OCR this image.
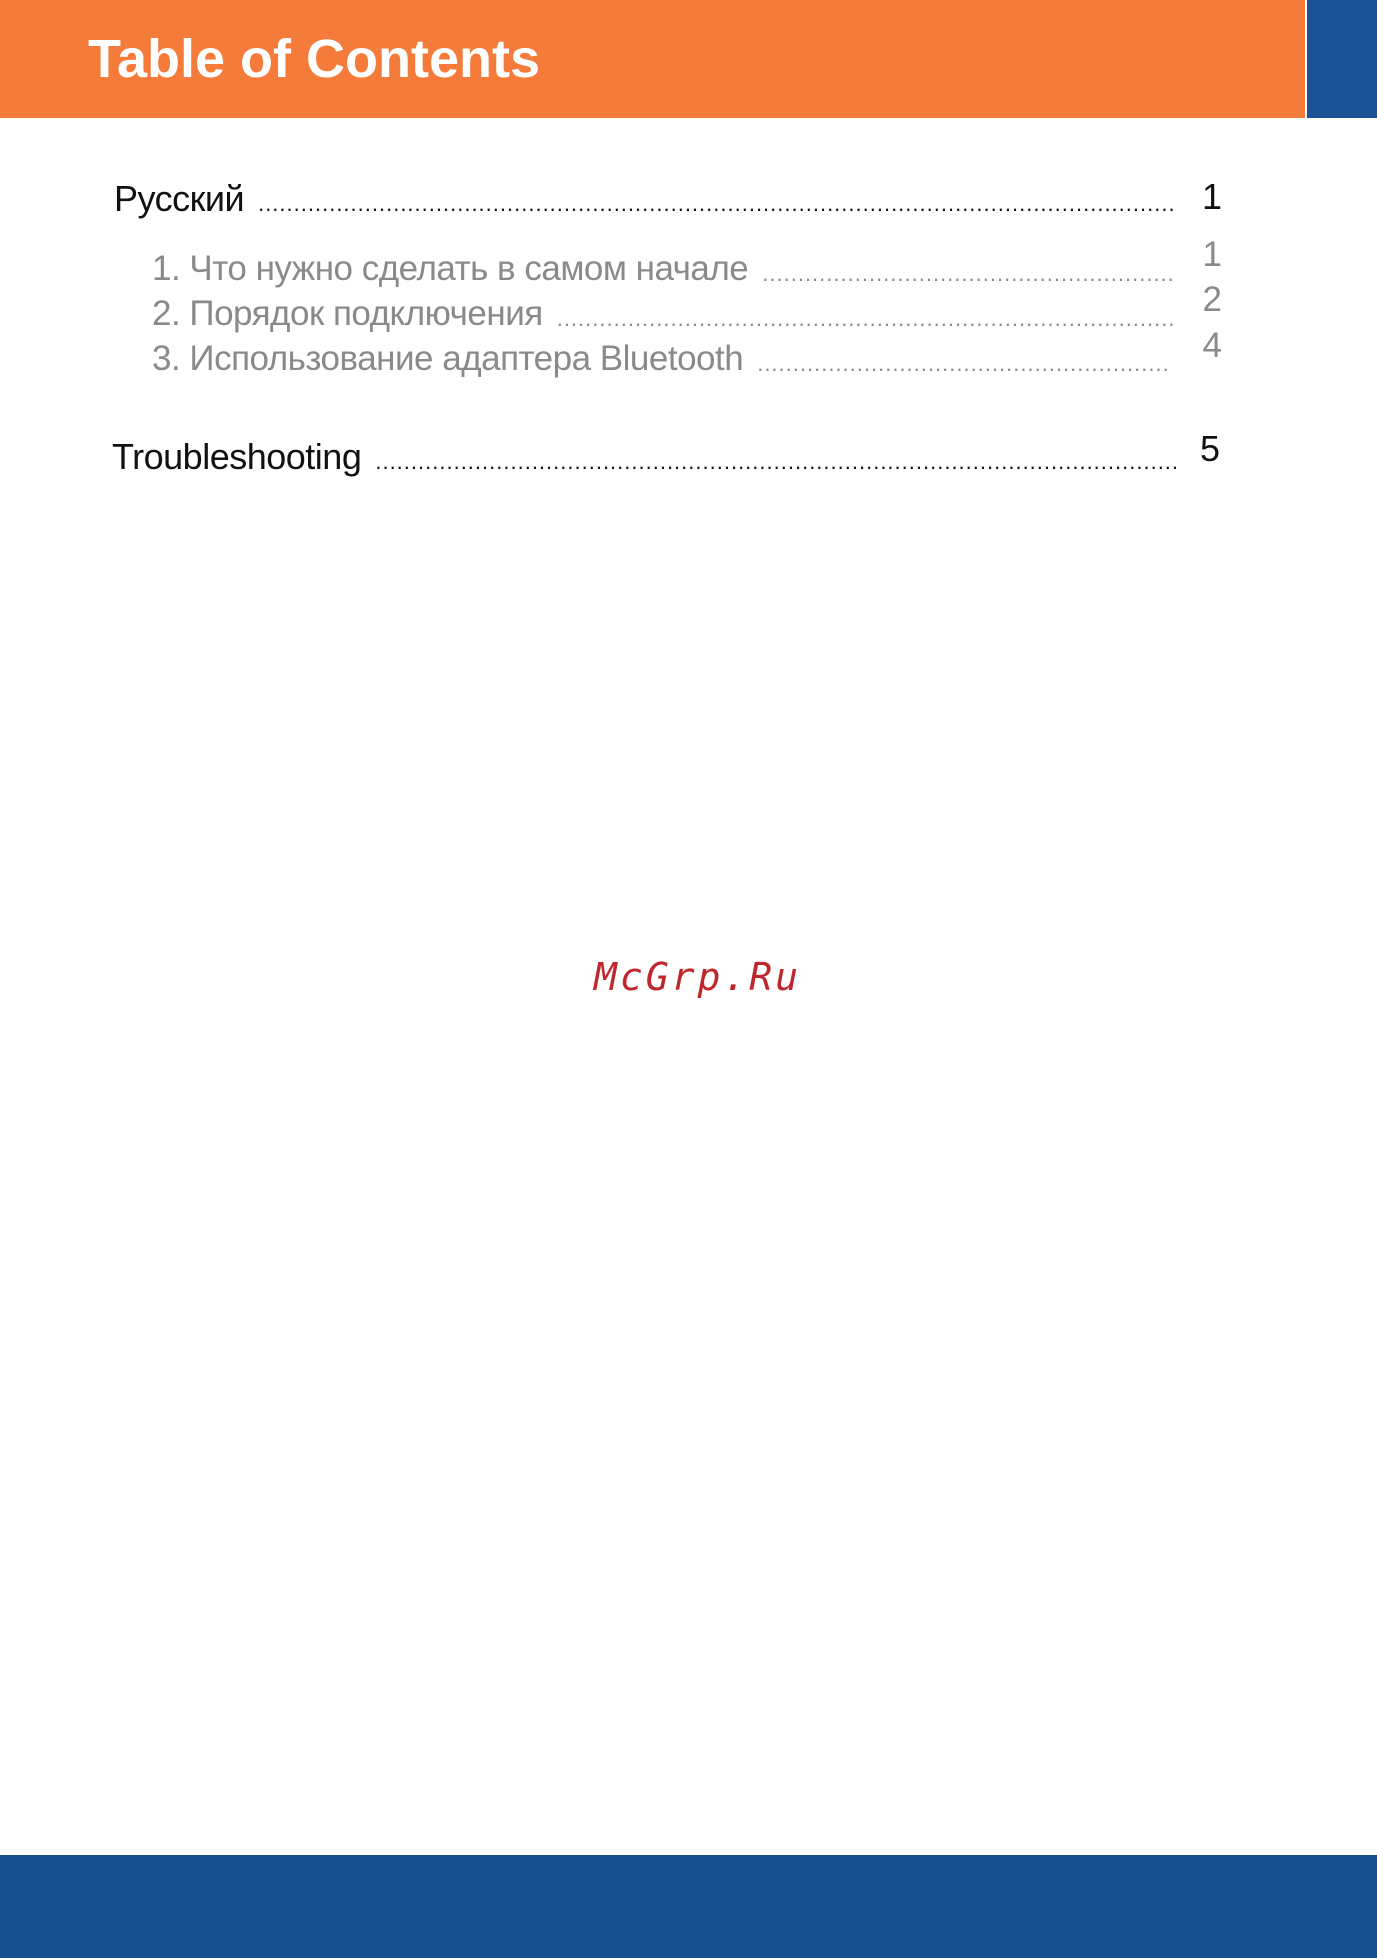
Table of Contents
Русский .....	1
1. Что нужно сделать в самом начале .....	1
2. Порядок подключения .....	2
3. Использование адаптера Bluetooth .....	4
Troubleshooting .....	5
McGrp.Ru
